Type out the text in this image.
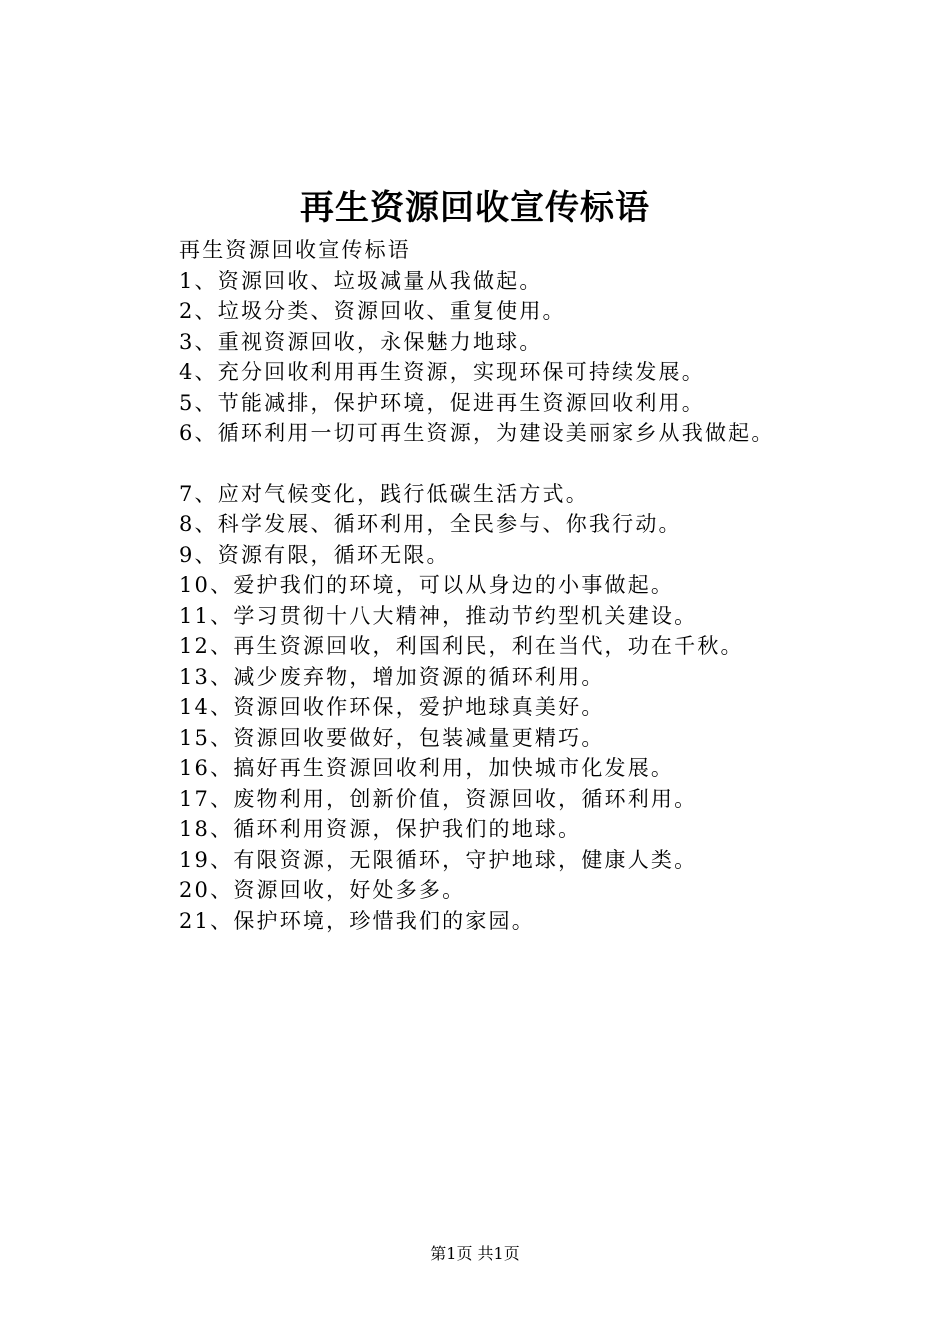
再生资源回收宣传标语
再生资源回收宣传标语
1、资源回收、垃圾减量从我做起。
2、垃圾分类、资源回收、重复使用。
3、重视资源回收，永保魅力地球。
4、充分回收利用再生资源，实现环保可持续发展。
5、节能减排，保护环境，促进再生资源回收利用。
6、循环利用一切可再生资源，为建设美丽家乡从我做起。
7、应对气候变化，践行低碳生活方式。
8、科学发展、循环利用，全民参与、你我行动。
9、资源有限，循环无限。
10、爱护我们的环境，可以从身边的小事做起。
11、学习贯彻十八大精神，推动节约型机关建设。
12、再生资源回收，利国利民，利在当代，功在千秋。
13、减少废弃物，增加资源的循环利用。
14、资源回收作环保，爱护地球真美好。
15、资源回收要做好，包装减量更精巧。
16、搞好再生资源回收利用，加快城市化发展。
17、废物利用，创新价值，资源回收，循环利用。
18、循环利用资源，保护我们的地球。
19、有限资源，无限循环，守护地球，健康人类。
20、资源回收，好处多多。
21、保护环境，珍惜我们的家园。
第1页 共1页
